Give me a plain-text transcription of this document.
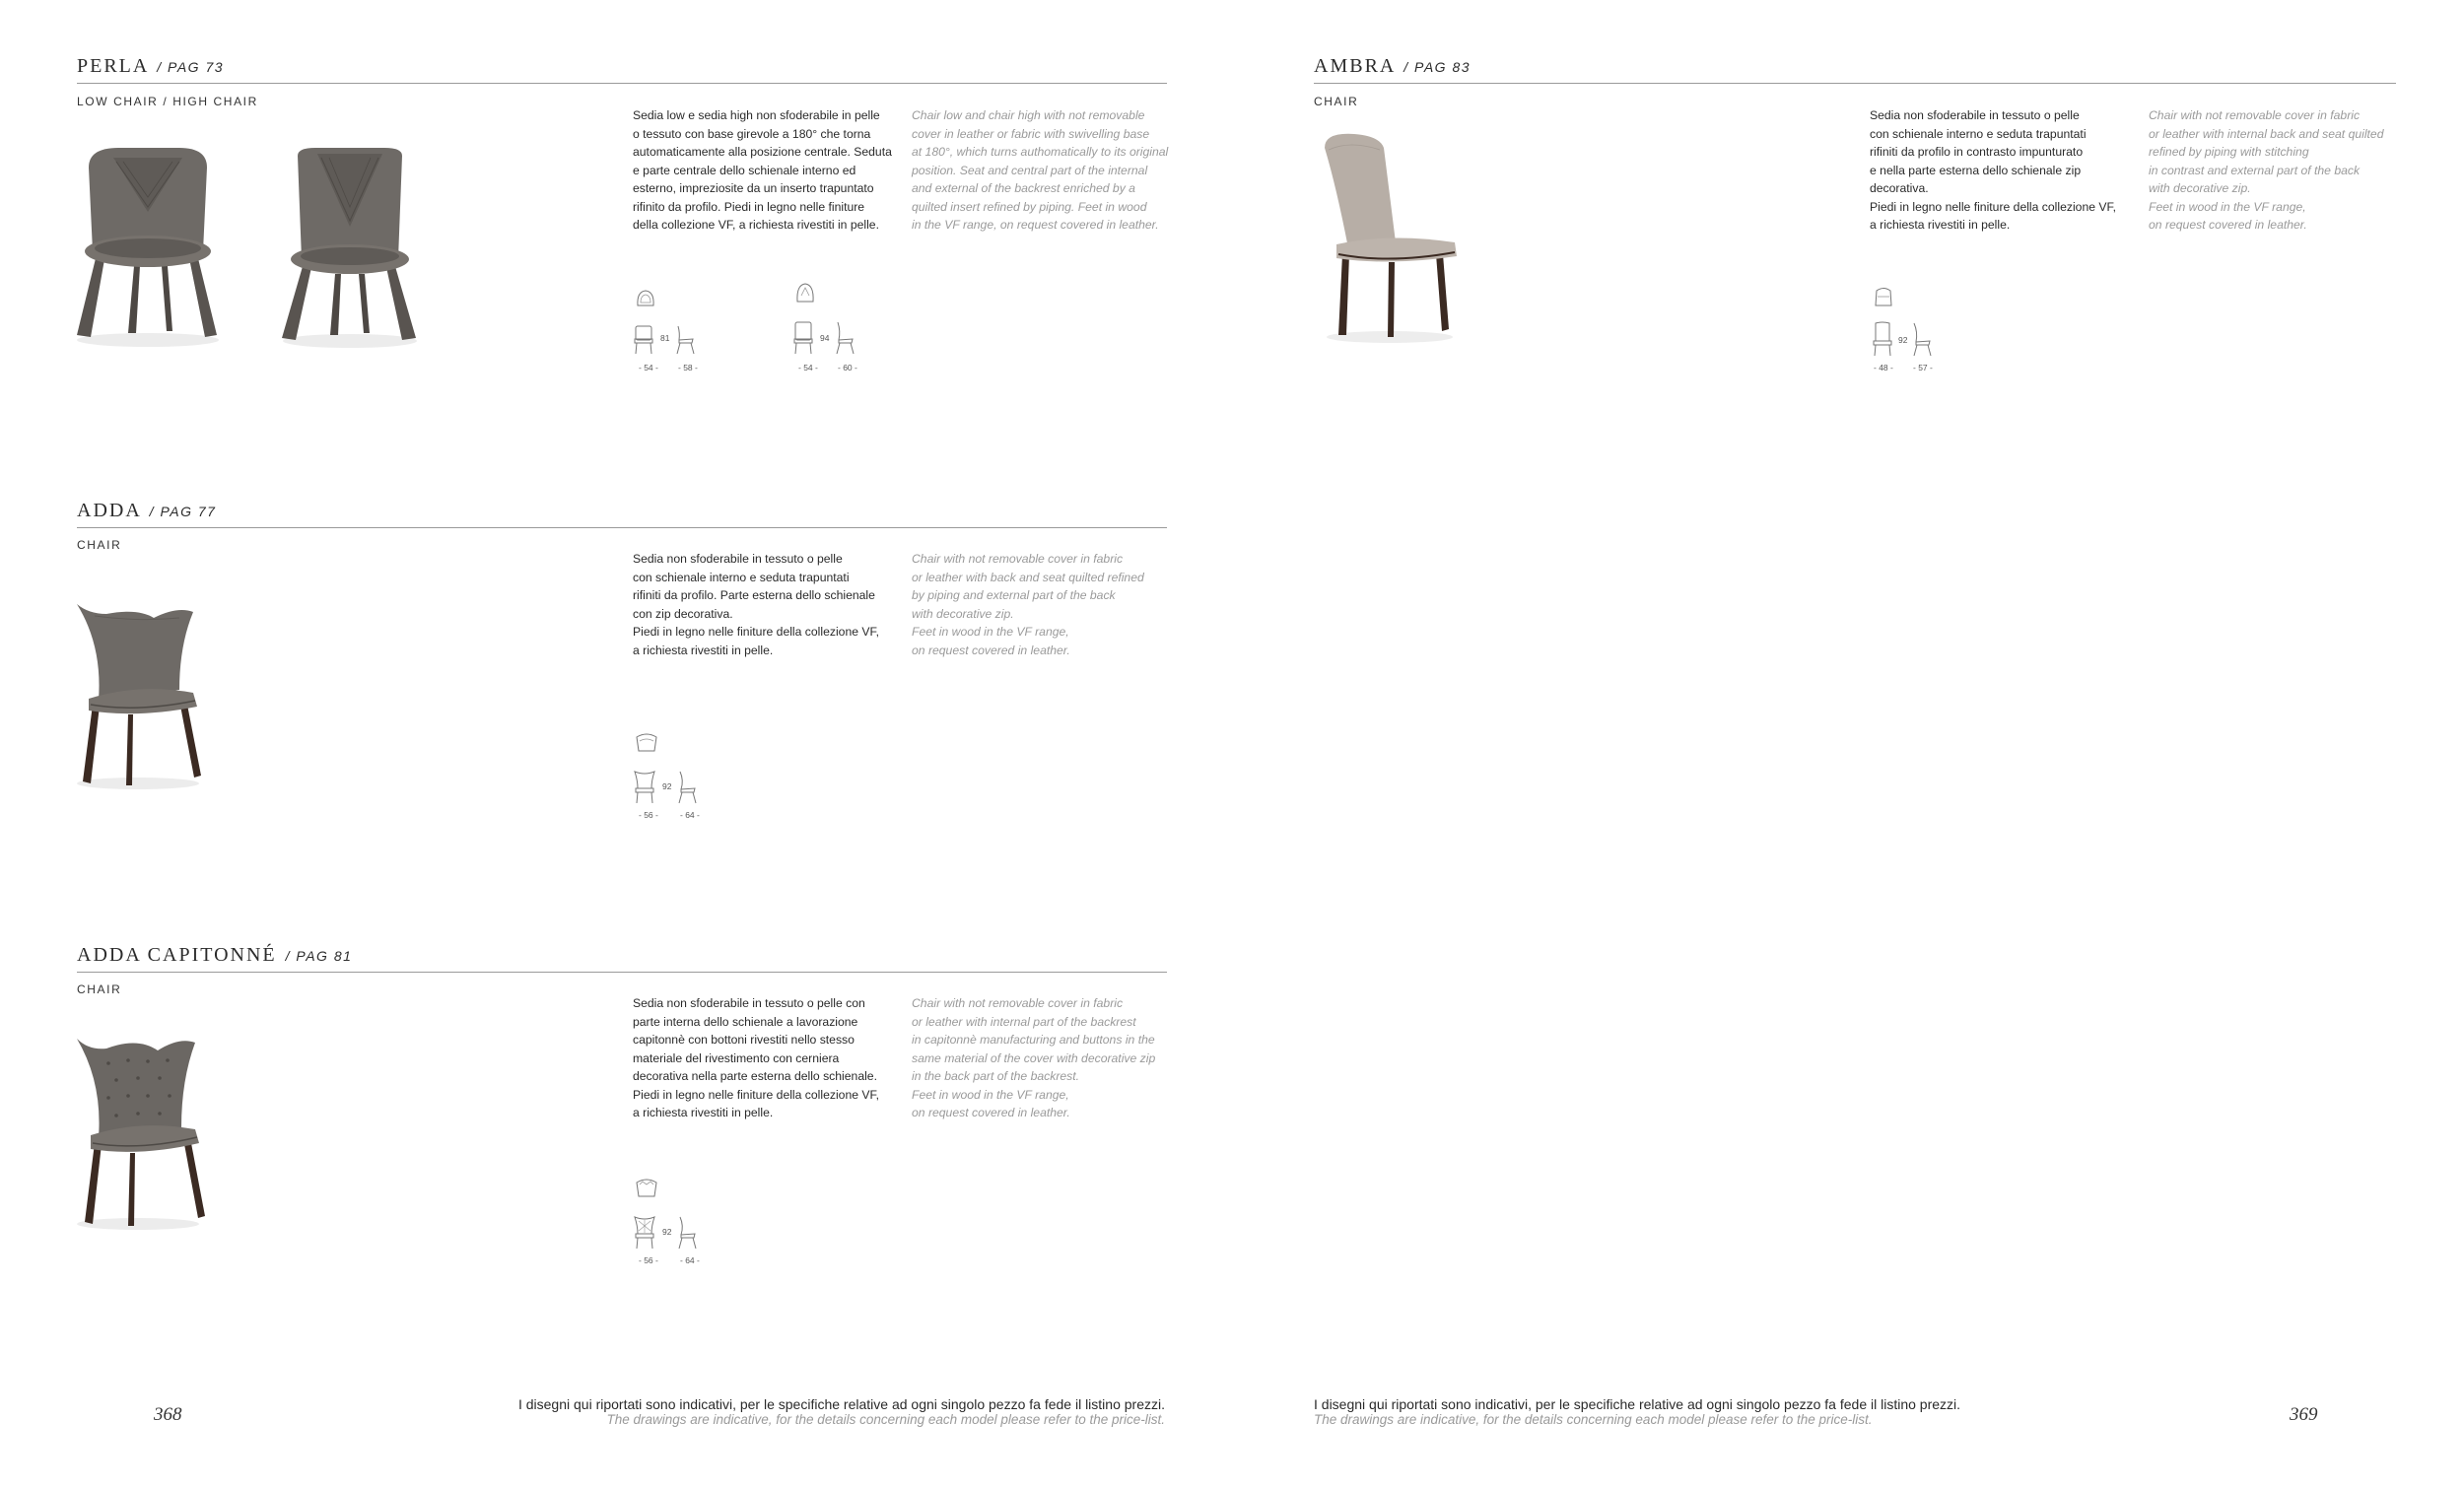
PERLA / PAG 73
LOW CHAIR / HIGH CHAIR
Sedia low e sedia high non sfoderabile in pelle
o tessuto con base girevole a 180° che torna
automaticamente alla posizione centrale. Seduta
e parte centrale dello schienale interno ed
esterno, impreziosite da un inserto trapuntato
rifinito da profilo. Piedi in legno nelle finiture
della collezione VF, a richiesta rivestiti in pelle.
Chair low and chair high with not removable
cover in leather or fabric with swivelling base
at 180°, which turns authomatically to its original
position. Seat and central part of the internal
and external of the backrest enriched by a
quilted insert refined by piping. Feet in wood
in the VF range, on request covered in leather.
81
- 54 - - 58 -
94
- 54 - - 60 -
ADDA / PAG 77
CHAIR
Sedia non sfoderabile in tessuto o pelle
con schienale interno e seduta trapuntati
rifiniti da profilo. Parte esterna dello schienale
con zip decorativa.
Piedi in legno nelle finiture della collezione VF,
a richiesta rivestiti in pelle.
Chair with not removable cover in fabric
or leather with back and seat quilted refined
by piping and external part of the back
with decorative zip.
Feet in wood in the VF range,
on request covered in leather.
92
- 56 -	- 64 -
ADDA CAPITONNÉ / PAG 81
CHAIR
Sedia non sfoderabile in tessuto o pelle con
parte interna dello schienale a lavorazione
capitonnè con bottoni rivestiti nello stesso
materiale del rivestimento con cerniera
decorativa nella parte esterna dello schienale.
Piedi in legno nelle finiture della collezione VF,
a richiesta rivestiti in pelle.
Chair with not removable cover in fabric
or leather with internal part of the backrest
in capitonnè manufacturing and buttons in the
same material of the cover with decorative zip
in the back part of the backrest.
Feet in wood in the VF range,
on request covered in leather.
92
- 56 -	- 64 -
AMBRA / PAG 83
CHAIR
Sedia non sfoderabile in tessuto o pelle
con schienale interno e seduta trapuntati
rifiniti da profilo in contrasto impunturato
e nella parte esterna dello schienale zip
decorativa.
Piedi in legno nelle finiture della collezione VF,
a richiesta rivestiti in pelle.
Chair with not removable cover in fabric
or leather with internal back and seat quilted
refined by piping with stitching
in contrast and external part of the back
with decorative zip.
Feet in wood in the VF range,
on request covered in leather.
92
- 48 - - 57 -
368	I disegni qui riportati sono indicativi, per le specifiche relative ad ogni singolo pezzo fa fede il listino prezzi.
The drawings are indicative, for the details concerning each model please refer to the price-list.
I disegni qui riportati sono indicativi, per le specifiche relative ad ogni singolo pezzo fa fede il listino prezzi.
The drawings are indicative, for the details concerning each model please refer to the price-list.	369
